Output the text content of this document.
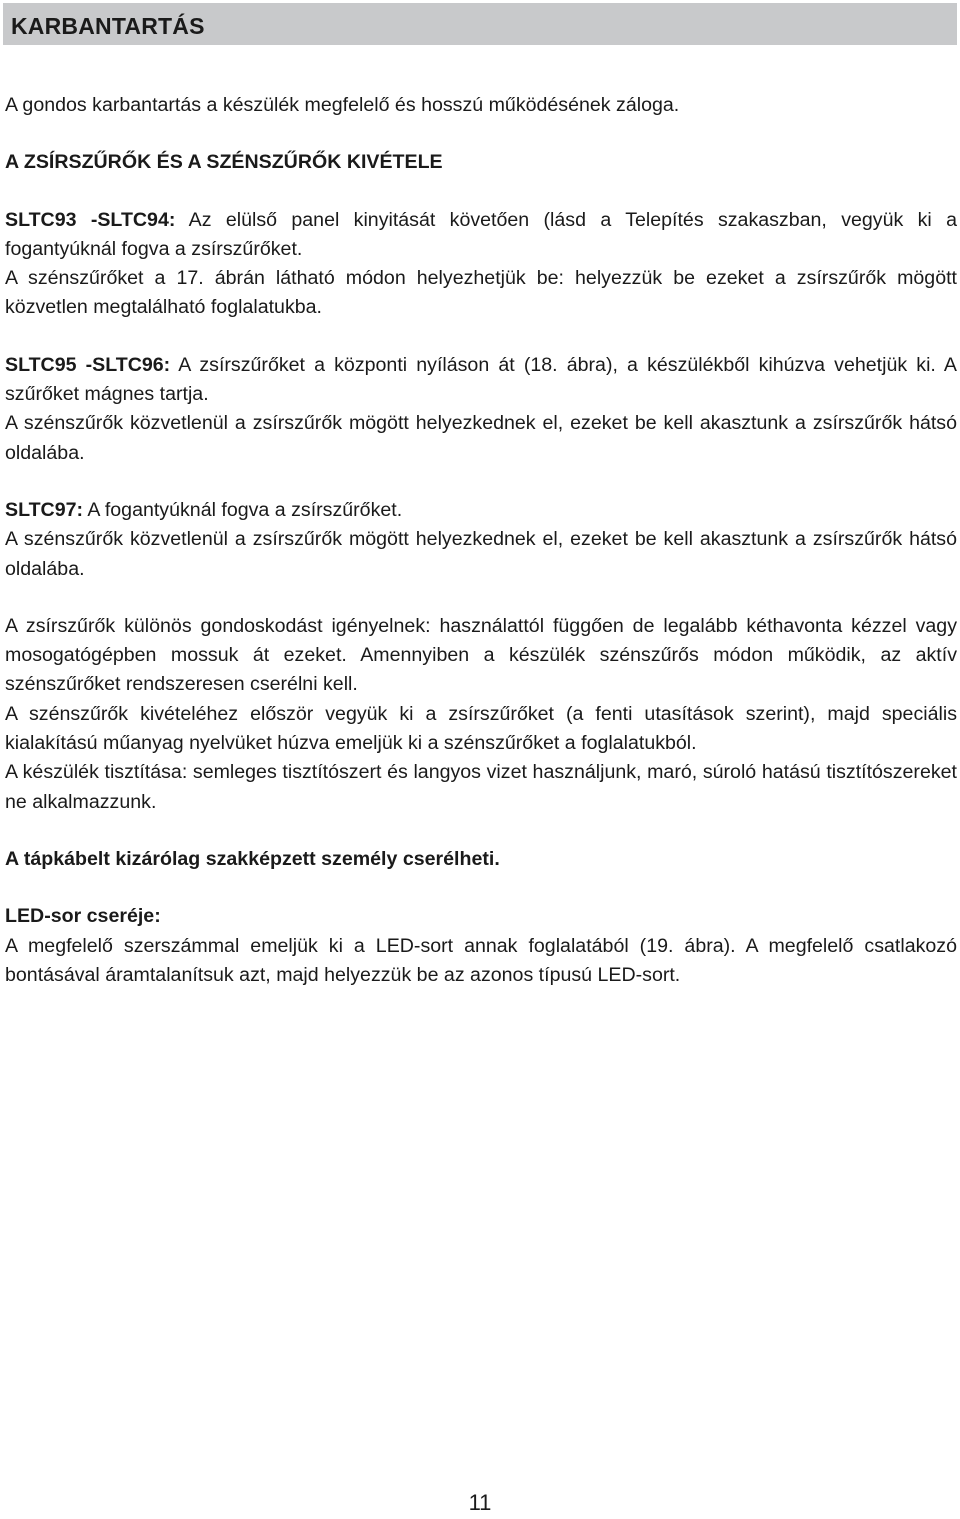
KARBANTARTÁS

A gondos karbantartás a készülék megfelelő és hosszú működésének záloga.

A ZSÍRSZŰRŐK ÉS A SZÉNSZŰRŐK KIVÉTELE

SLTC93 -SLTC94: Az elülső panel kinyitását követően (lásd a Telepítés szakaszban, vegyük ki a fogantyúknál fogva a zsírszűrőket.

A szénszűrőket a 17. ábrán látható módon helyezhetjük be: helyezzük be ezeket a zsírszűrők mögött közvetlen megtalálható foglalatukba.

SLTC95 -SLTC96: A zsírszűrőket a központi nyíláson át (18. ábra), a készülékből kihúzva vehetjük ki. A szűrőket mágnes tartja.

A szénszűrők közvetlenül a zsírszűrők mögött helyezkednek el, ezeket be kell akasztunk a zsírszűrők hátsó oldalába.

SLTC97: A fogantyúknál fogva a zsírszűrőket.

A szénszűrők közvetlenül a zsírszűrők mögött helyezkednek el, ezeket be kell akasztunk a zsírszűrők hátsó oldalába.

A zsírszűrők különös gondoskodást igényelnek: használattól függően de legalább kéthavonta kézzel vagy mosogatógépben mossuk át ezeket. Amennyiben a készülék szénszűrős módon működik, az aktív szénszűrőket rendszeresen cserélni kell.

A szénszűrők kivételéhez először vegyük ki a zsírszűrőket (a fenti utasítások szerint), majd speciális kialakítású műanyag nyelvüket húzva emeljük ki a szénszűrőket a foglalatukból.

A készülék tisztítása: semleges tisztítószert és langyos vizet használjunk, maró, súroló hatású tisztítószereket ne alkalmazzunk.

A tápkábelt kizárólag szakképzett személy cserélheti.

LED-sor cseréje:

A megfelelő szerszámmal emeljük ki a LED-sort annak foglalatából (19. ábra). A megfelelő csatlakozó bontásával áramtalanítsuk azt, majd helyezzük be az azonos típusú LED-sort.

11
